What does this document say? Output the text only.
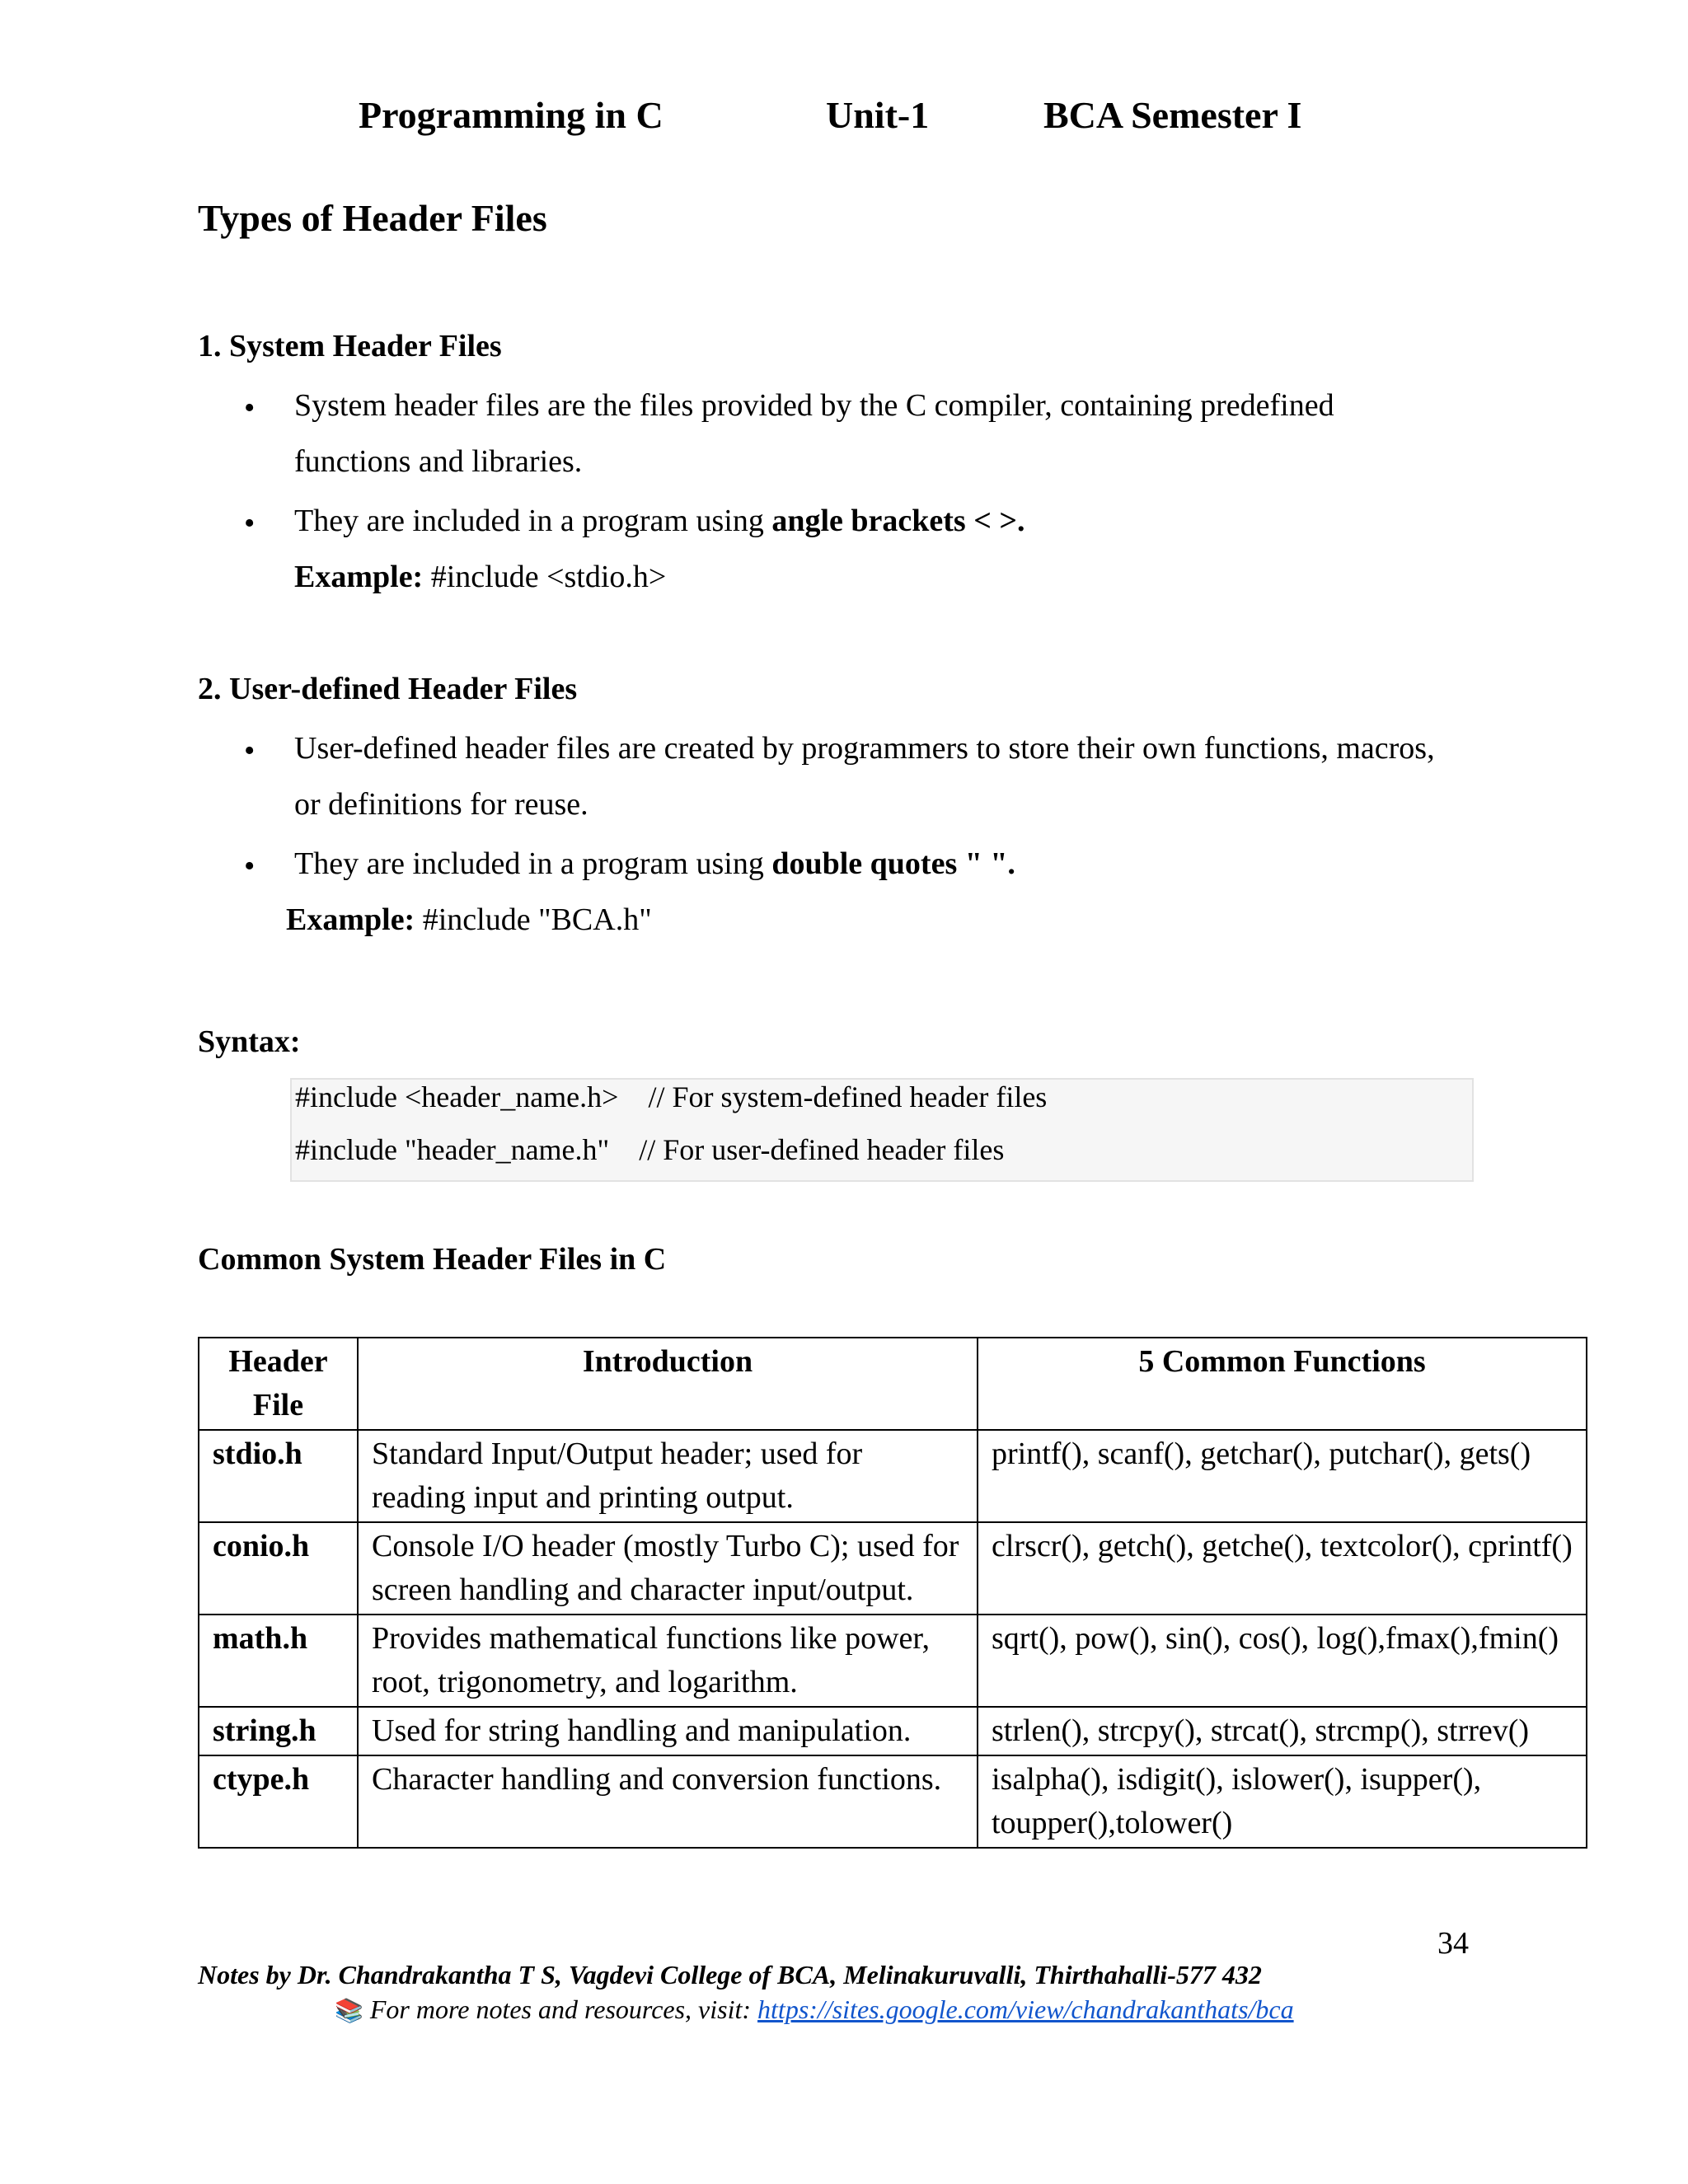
Programming in C	Unit-1	BCA Semester I
Types of Header Files
1. System Header Files
• System header files are the files provided by the C compiler, containing predefined
functions and libraries.
• They are included in a program using angle brackets < >.
Example: #include <stdio.h>
2. User-defined Header Files
• User-defined header files are created by programmers to store their own functions, macros,
or definitions for reuse.
• They are included in a program using double quotes " ".
Example: #include "BCA.h"
Syntax:
#include <header_name.h>    // For system-defined header files
#include "header_name.h"    // For user-defined header files
Common System Header Files in C
Header File	Introduction	5 Common Functions
stdio.h	Standard Input/Output header; used for reading input and printing output.	printf(), scanf(), getchar(), putchar(), gets()
conio.h	Console I/O header (mostly Turbo C); used for screen handling and character input/output.	clrscr(), getch(), getche(), textcolor(), cprintf()
math.h	Provides mathematical functions like power, root, trigonometry, and logarithm.	sqrt(), pow(), sin(), cos(), log(),fmax(),fmin()
string.h	Used for string handling and manipulation.	strlen(), strcpy(), strcat(), strcmp(), strrev()
ctype.h	Character handling and conversion functions.	isalpha(), isdigit(), islower(), isupper(), toupper(),tolower()
34
Notes by Dr. Chandrakantha T S, Vagdevi College of BCA, Melinakuruvalli, Thirthahalli-577 432
📚 For more notes and resources, visit: https://sites.google.com/view/chandrakanthats/bca
